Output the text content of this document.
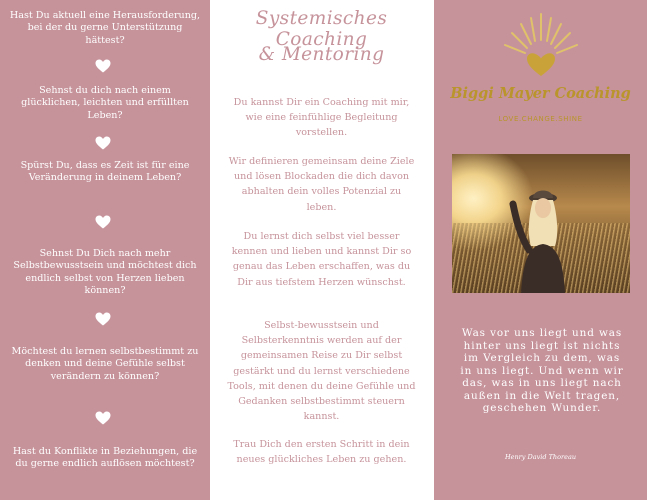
Hast Du aktuell eine Herausforderung, bei der du gerne Unterstützung hättest?
Sehnst du dich nach einem glücklichen, leichten und erfüllten Leben?
Spürst Du, dass es Zeit ist für eine Veränderung in deinem Leben?
Sehnst Du Dich nach mehr Selbstbewusstsein und möchtest dich endlich selbst von Herzen lieben können?
Möchtest du lernen selbstbestimmt zu denken und deine Gefühle selbst verändern zu können?
Hast du Konflikte in Beziehungen, die du gerne endlich auflösen möchtest?
Systemisches Coaching
& Mentoring
Du kannst Dir ein Coaching mit mir, wie eine feinfühlige Begleitung vorstellen.
Wir definieren gemeinsam deine Ziele und lösen Blockaden die dich davon abhalten dein volles Potenzial zu leben.
Du lernst dich selbst viel besser kennen und lieben und kannst Dir so genau das Leben erschaffen, was du Dir aus tiefstem Herzen wünschst.
Selbst-bewusstsein und Selbsterkenntnis werden auf der gemeinsamen Reise zu Dir selbst gestärkt und du lernst verschiedene Tools, mit denen du deine Gefühle und Gedanken selbstbestimmt steuern kannst.
Trau Dich den ersten Schritt in dein neues glückliches Leben zu gehen.
Biggi Mayer Coaching
LOVE.CHANGE.SHINE
Was vor uns liegt und was hinter uns liegt ist nichts im Vergleich zu dem, was in uns liegt. Und wenn wir das, was in uns liegt nach außen in die Welt tragen, geschehen Wunder.
Henry David Thoreau
